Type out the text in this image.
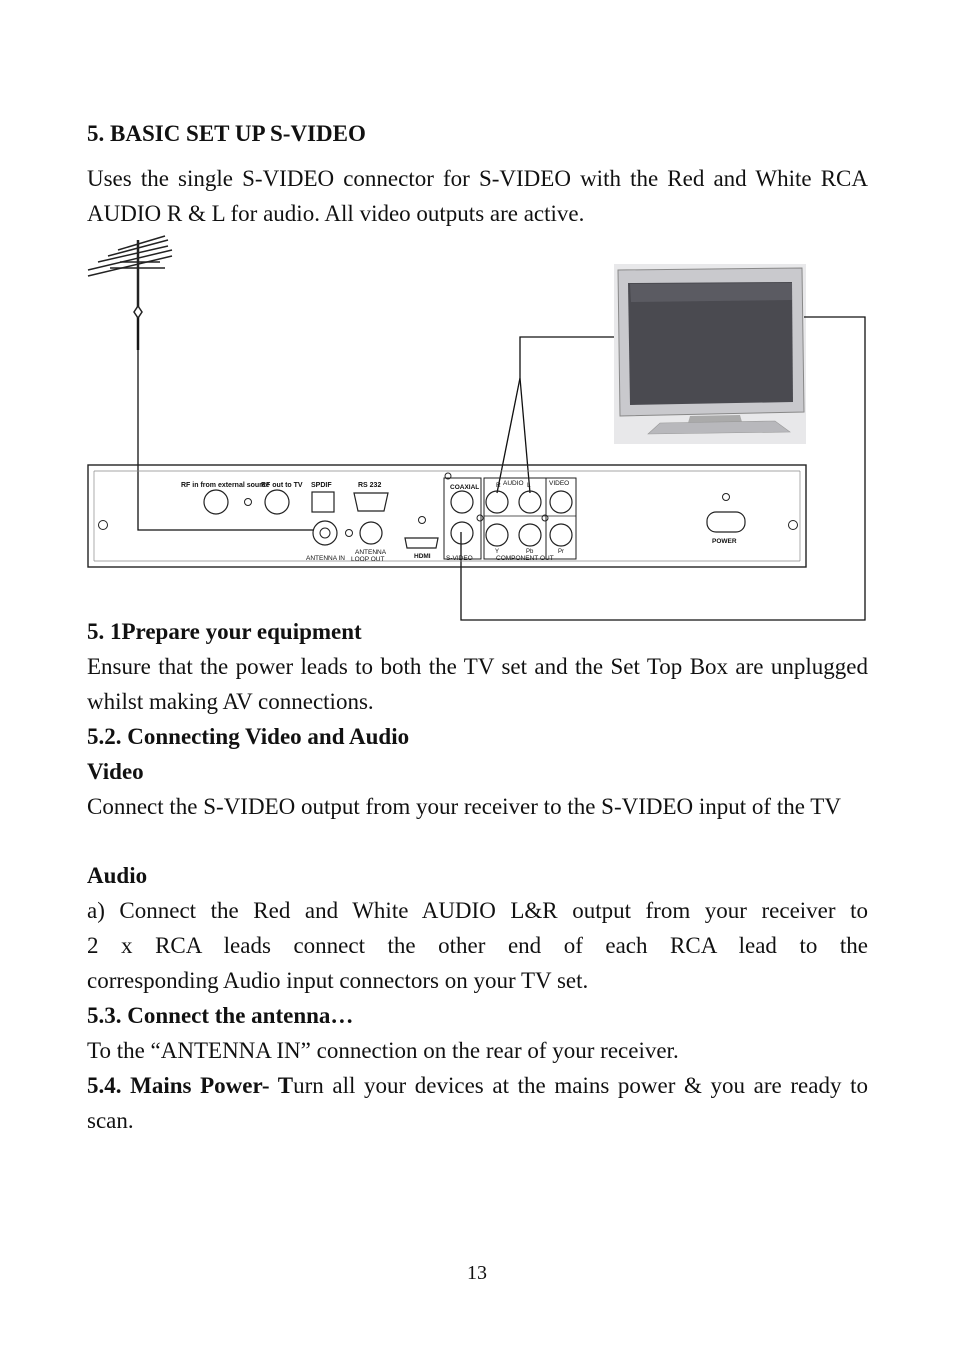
5. BASIC SET UP S-VIDEO

Uses the single S-VIDEO connector for S-VIDEO with the Red and White RCA AUDIO R & L for audio. All video outputs are active.

RF in from external source
RF out to TV SPDIF	RS 232
ANTENNA IN
ANTENNA
LOOP OUT	HDMI
COAXIAL	R AUDIO L	VIDEO
S-VIDEO
Y	Pb	Pr
COMPONENT OUT
POWER

5. 1Prepare your equipment

Ensure that the power leads to both the TV set and the Set Top Box are unplugged whilst making AV connections.

5.2. Connecting Video and Audio

Video

Connect the S-VIDEO output from your receiver to the S-VIDEO input of the TV

Audio

a) Connect the Red and White AUDIO L&R output from your receiver to

2 x RCA leads connect the other end of each RCA lead to the

corresponding Audio input connectors on your TV set.

5.3. Connect the antenna…

To the “ANTENNA IN” connection on the rear of your receiver.

5.4. Mains Power- Turn all your devices at the mains power & you are ready to scan.

13
